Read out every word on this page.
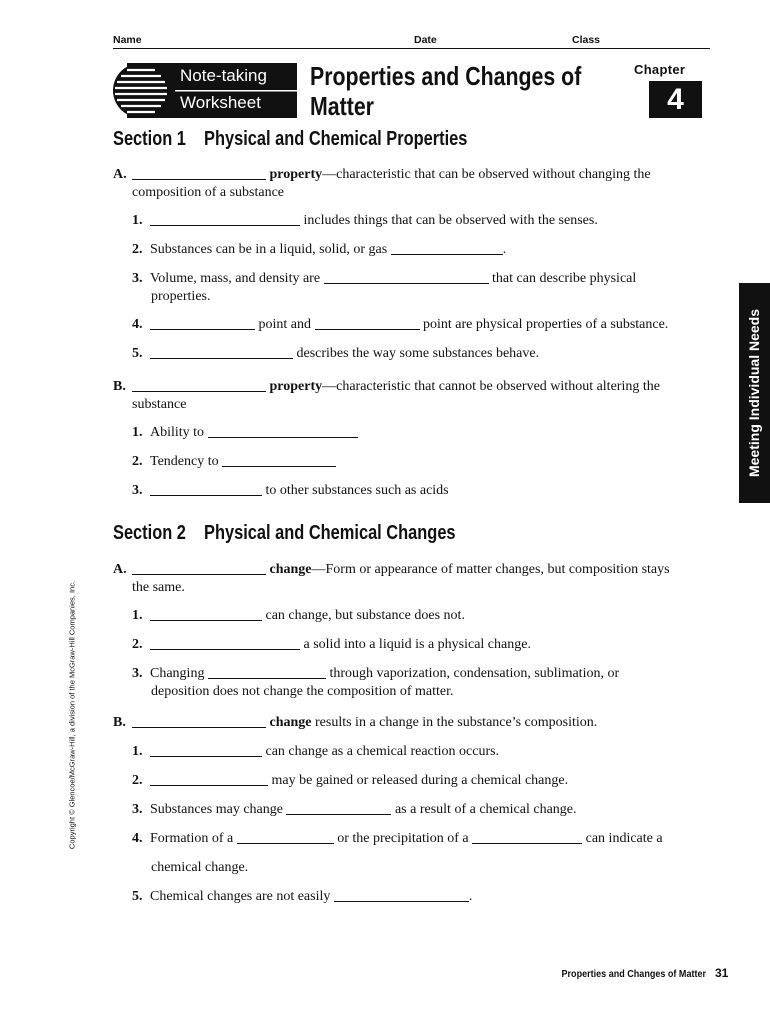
Name	Date	Class
Note-taking
Worksheet
Properties and Changes of
Matter
Chapter
4
Meeting Individual Needs
Copyright © Glencoe/McGraw-Hill, a division of the McGraw-Hill Companies, Inc.
Section 1 Physical and Chemical Properties
A.	property—characteristic that can be observed without changing the
composition of a substance
1.	includes things that can be observed with the senses.
2. Substances can be in a liquid, solid, or gas	.
3. Volume, mass, and density are	that can describe physical
properties.
4.	point and	point are physical properties of a substance.
5.	describes the way some substances behave.
B.	property—characteristic that cannot be observed without altering the
substance
1. Ability to
2. Tendency to
3.	to other substances such as acids
Section 2 Physical and Chemical Changes
A.	change—Form or appearance of matter changes, but composition stays
the same.
1.	can change, but substance does not.
2.	a solid into a liquid is a physical change.
3. Changing	through vaporization, condensation, sublimation, or
deposition does not change the composition of matter.
B.	change results in a change in the substance’s composition.
1.	can change as a chemical reaction occurs.
2.	may be gained or released during a chemical change.
3. Substances may change	as a result of a chemical change.
4. Formation of a	or the precipitation of a	can indicate a
chemical change.
5. Chemical changes are not easily	.
Properties and Changes of Matter 31
